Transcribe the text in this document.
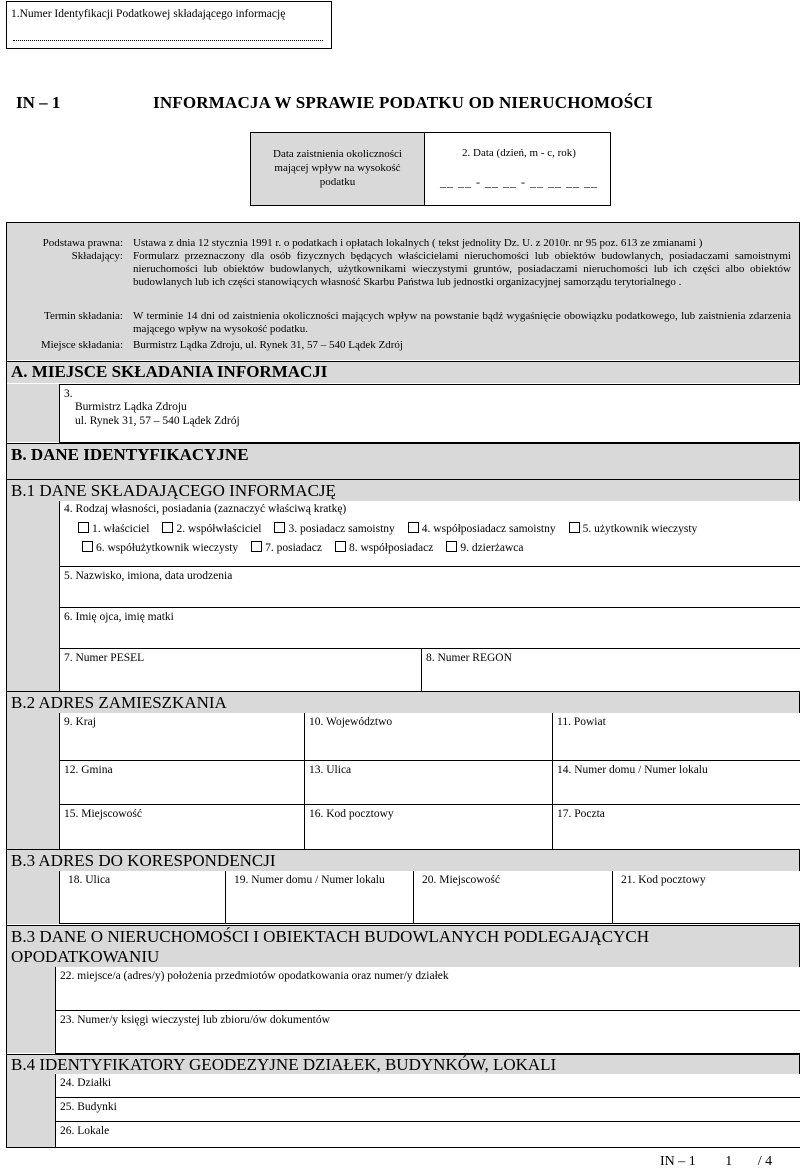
1.Numer Identyfikacji Podatkowej składającego informację
IN – 1	INFORMACJA W SPRAWIE PODATKU OD NIERUCHOMOŚCI
Data zaistnienia okoliczności mającej wpływ na wysokość podatku
2. Data (dzień, m - c, rok)
__ __ - __ __ - __ __ __ __
Podstawa prawna: Ustawa z dnia 12 stycznia 1991 r. o podatkach i opłatach lokalnych ( tekst jednolity Dz. U. z 2010r. nr 95 poz. 613 ze zmianami )
Składający: Formularz przeznaczony dla osób fizycznych będących właścicielami nieruchomości lub obiektów budowlanych, posiadaczami samoistnymi nieruchomości lub obiektów budowlanych, użytkownikami wieczystymi gruntów, posiadaczami nieruchomości lub ich części albo obiektów budowlanych lub ich części stanowiących własność Skarbu Państwa lub jednostki organizacyjnej samorządu terytorialnego .
Termin składania: W terminie 14 dni od zaistnienia okoliczności mających wpływ na powstanie bądź wygaśnięcie obowiązku podatkowego, lub zaistnienia zdarzenia mającego wpływ na wysokość podatku.
Miejsce składania: Burmistrz Lądka Zdroju, ul. Rynek 31, 57 – 540 Lądek Zdrój
A. MIEJSCE SKŁADANIA INFORMACJI
3.
Burmistrz Lądka Zdroju
ul. Rynek 31, 57 – 540 Lądek Zdrój
B. DANE IDENTYFIKACYJNE
B.1 DANE SKŁADAJĄCEGO INFORMACJĘ
4. Rodzaj własności, posiadania (zaznaczyć właściwą kratkę)
1. właściciel 2. współwłaściciel 3. posiadacz samoistny 4. współposiadacz samoistny 5. użytkownik wieczysty
6. współużytkownik wieczysty 7. posiadacz 8. współposiadacz 9. dzierżawca
5. Nazwisko, imiona, data urodzenia
6. Imię ojca, imię matki
7. Numer PESEL	8. Numer REGON
B.2 ADRES ZAMIESZKANIA
9. Kraj	10. Województwo	11. Powiat
12. Gmina	13. Ulica	14. Numer domu / Numer lokalu
15. Miejscowość	16. Kod pocztowy	17. Poczta
B.3 ADRES DO KORESPONDENCJI
18. Ulica	19. Numer domu / Numer lokalu	20. Miejscowość	21. Kod pocztowy
B.3 DANE O NIERUCHOMOŚCI I OBIEKTACH BUDOWLANYCH PODLEGAJĄCYCH
OPODATKOWANIU
22. miejsce/a (adres/y) położenia przedmiotów opodatkowania oraz numer/y działek
23. Numer/y księgi wieczystej lub zbioru/ów dokumentów
B.4 IDENTYFIKATORY GEODEZYJNE DZIAŁEK, BUDYNKÓW, LOKALI
24. Działki
25. Budynki
26. Lokale
IN – 1 1 / 4
